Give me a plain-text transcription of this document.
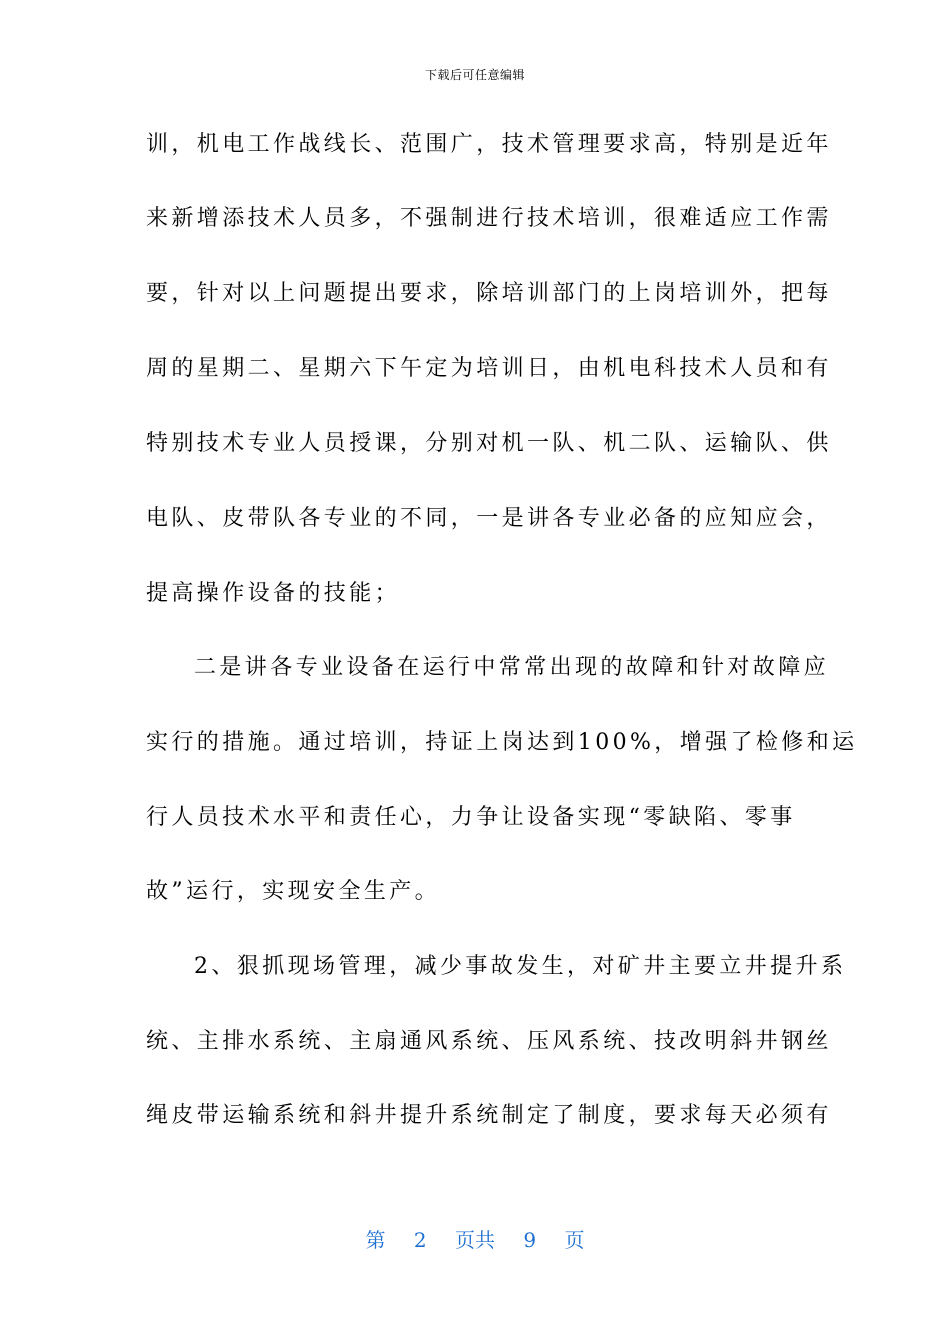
下载后可任意编辑
训，机电工作战线长、范围广，技术管理要求高，特别是近年
来新增添技术人员多，不强制进行技术培训，很难适应工作需
要，针对以上问题提出要求，除培训部门的上岗培训外，把每
周的星期二、星期六下午定为培训日，由机电科技术人员和有
特别技术专业人员授课，分别对机一队、机二队、运输队、供
电队、皮带队各专业的不同，一是讲各专业必备的应知应会，
提高操作设备的技能；
二是讲各专业设备在运行中常常出现的故障和针对故障应
实行的措施。通过培训，持证上岗达到100%，增强了检修和运
行人员技术水平和责任心，力争让设备实现“零缺陷、零事
故”运行，实现安全生产。
2、狠抓现场管理，减少事故发生，对矿井主要立井提升系
统、主排水系统、主扇通风系统、压风系统、技改明斜井钢丝
绳皮带运输系统和斜井提升系统制定了制度，要求每天必须有
第 2 页共 9 页
